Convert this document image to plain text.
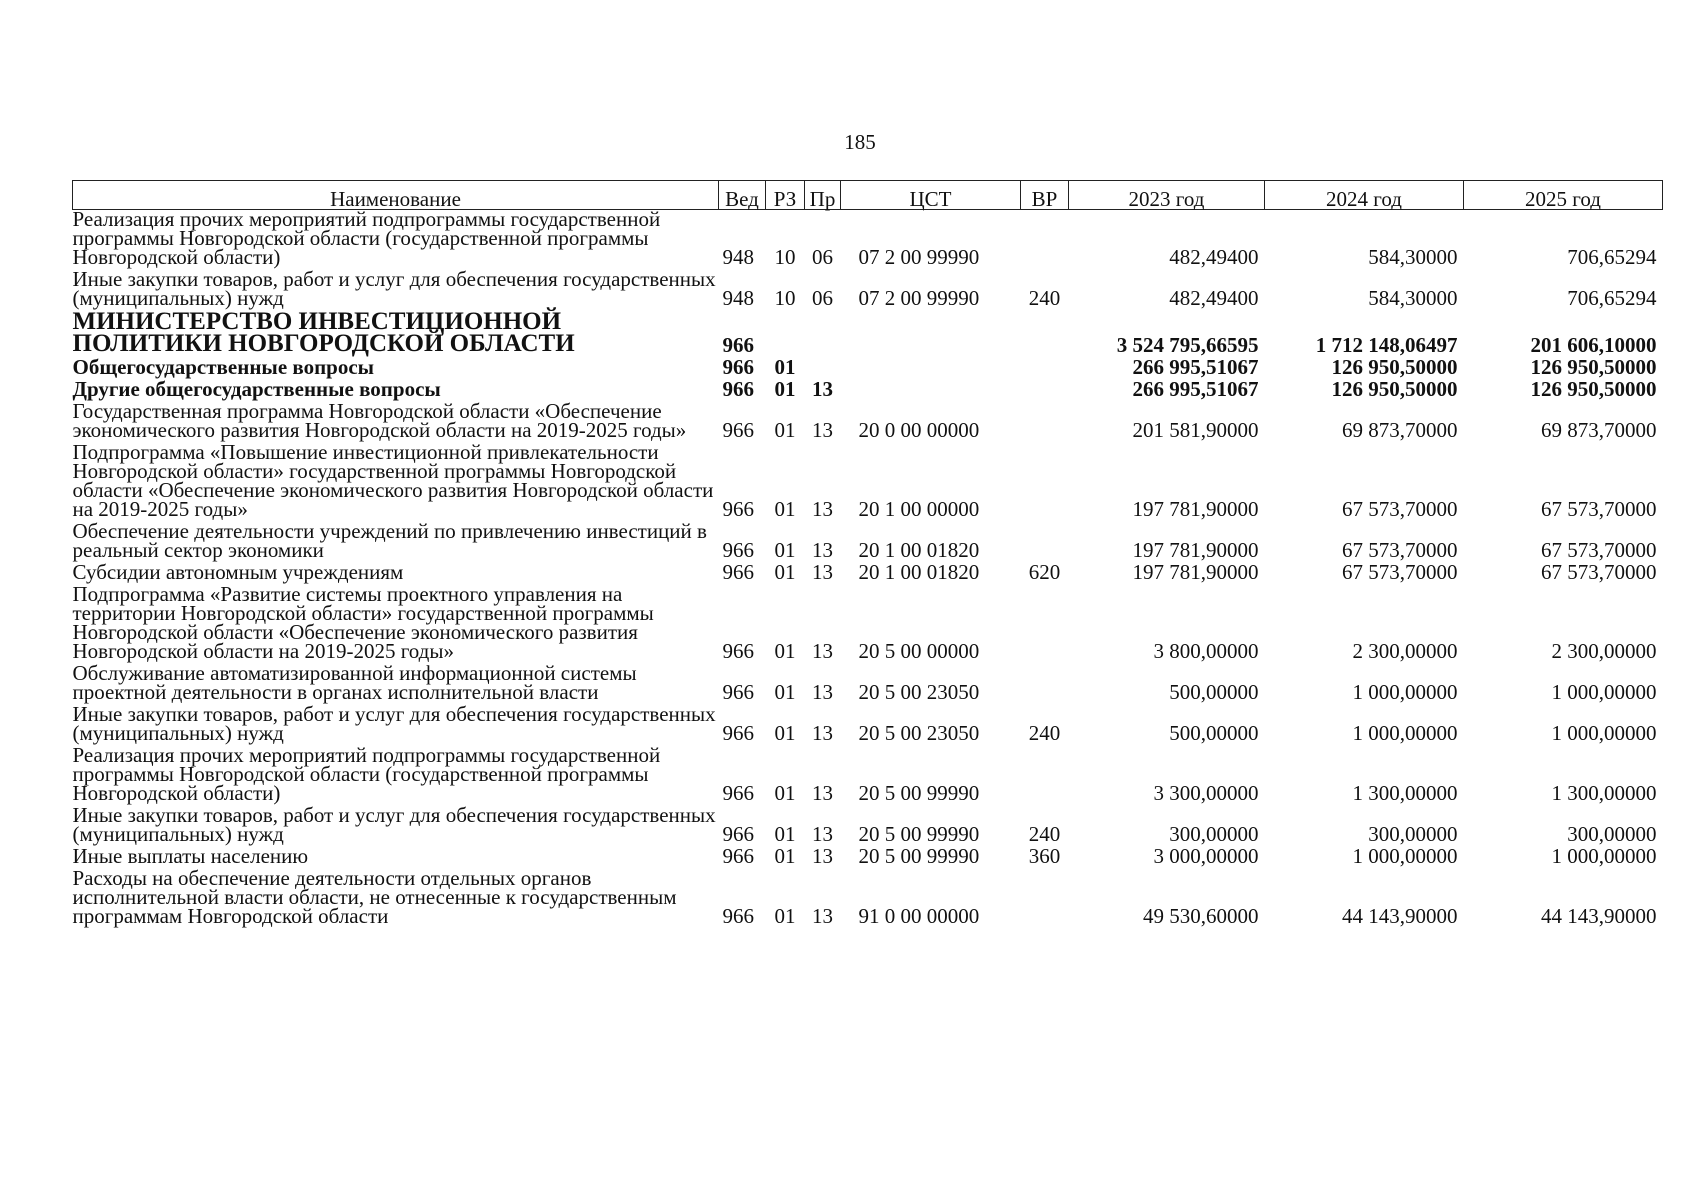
185
Наименование	Вед	РЗ	Пр	ЦСТ	ВР	2023 год	2024 год	2025 год
Реализация прочих мероприятий подпрограммы государственной программы Новгородской области (государственной программы Новгородской области)	948	10	06	07 2 00 99990		482,49400	584,30000	706,65294
Иные закупки товаров, работ и услуг для обеспечения государственных (муниципальных) нужд	948	10	06	07 2 00 99990	240	482,49400	584,30000	706,65294
МИНИСТЕРСТВО ИНВЕСТИЦИОННОЙ ПОЛИТИКИ НОВГОРОДСКОЙ ОБЛАСТИ	966					3 524 795,66595	1 712 148,06497	201 606,10000
Общегосударственные вопросы	966	01				266 995,51067	126 950,50000	126 950,50000
Другие общегосударственные вопросы	966	01	13			266 995,51067	126 950,50000	126 950,50000
Государственная программа Новгородской области «Обеспечение экономического развития Новгородской области на 2019-2025 годы»	966	01	13	20 0 00 00000		201 581,90000	69 873,70000	69 873,70000
Подпрограмма «Повышение инвестиционной привлекательности Новгородской области» государственной программы Новгородской области «Обеспечение экономического развития Новгородской области на 2019-2025 годы»	966	01	13	20 1 00 00000		197 781,90000	67 573,70000	67 573,70000
Обеспечение деятельности учреждений по привлечению инвестиций в реальный сектор экономики	966	01	13	20 1 00 01820		197 781,90000	67 573,70000	67 573,70000
Субсидии автономным учреждениям	966	01	13	20 1 00 01820	620	197 781,90000	67 573,70000	67 573,70000
Подпрограмма «Развитие системы проектного управления на территории Новгородской области» государственной программы Новгородской области «Обеспечение экономического развития Новгородской области на 2019-2025 годы»	966	01	13	20 5 00 00000		3 800,00000	2 300,00000	2 300,00000
Обслуживание автоматизированной информационной системы проектной деятельности в органах исполнительной власти	966	01	13	20 5 00 23050		500,00000	1 000,00000	1 000,00000
Иные закупки товаров, работ и услуг для обеспечения государственных (муниципальных) нужд	966	01	13	20 5 00 23050	240	500,00000	1 000,00000	1 000,00000
Реализация прочих мероприятий подпрограммы государственной программы Новгородской области (государственной программы Новгородской области)	966	01	13	20 5 00 99990		3 300,00000	1 300,00000	1 300,00000
Иные закупки товаров, работ и услуг для обеспечения государственных (муниципальных) нужд	966	01	13	20 5 00 99990	240	300,00000	300,00000	300,00000
Иные выплаты населению	966	01	13	20 5 00 99990	360	3 000,00000	1 000,00000	1 000,00000
Расходы на обеспечение деятельности отдельных органов исполнительной власти области, не отнесенные к государственным программам Новгородской области	966	01	13	91 0 00 00000		49 530,60000	44 143,90000	44 143,90000
